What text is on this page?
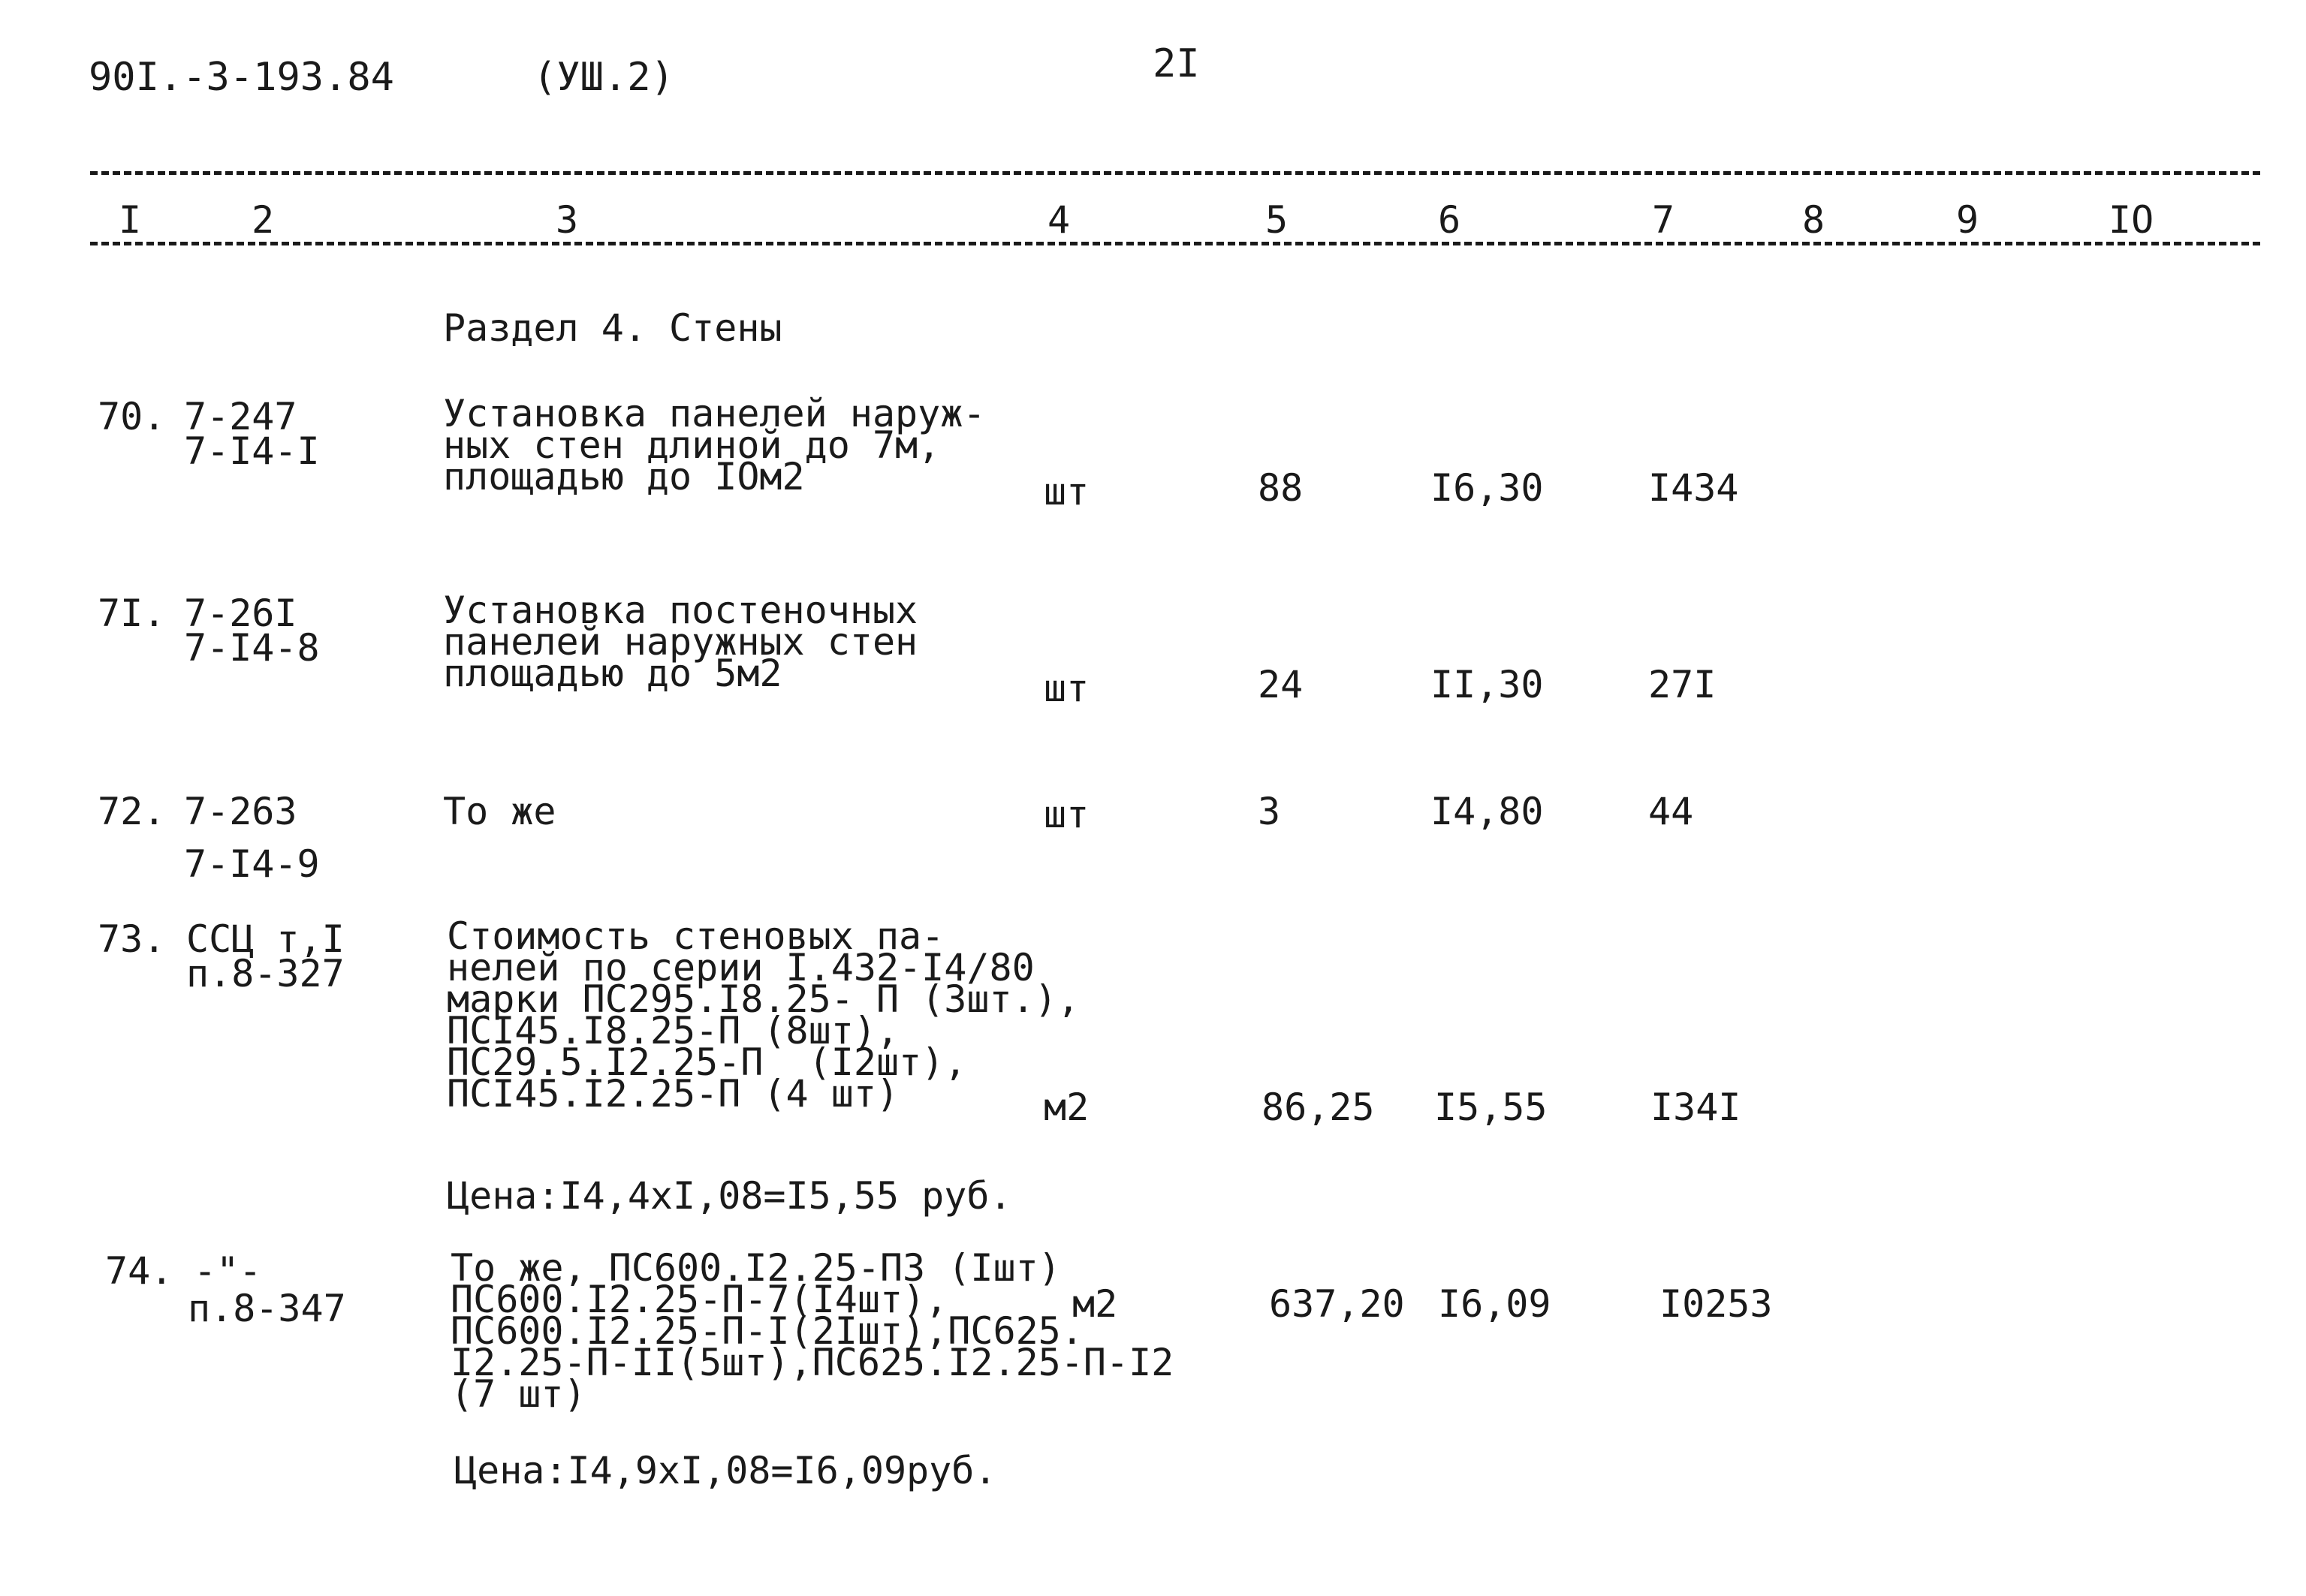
90I.-3-193.84	(УШ.2)	2I
I	2	3	4	5	6	7	8	9	IO
Раздел 4. Стены
70. 7-247
7-I4-I
Установка панелей наруж-
ных стен длиной до 7м,
площадью до IOм2	шт	88	I6,30	I434
7I. 7-26I
7-I4-8
Установка постеночных
панелей наружных стен
площадью до 5м2	шт	24	II,30	27I
72. 7-263
7-I4-9
То же	шт	3	I4,80	44
73. ССЦ т,I
п.8-327
Стоимость стеновых па-
нелей по серии I.432-I4/80
марки ПС295.I8.25- П (3шт.),
ПСI45.I8.25-П (8шт),
ПС29.5.I2.25-П  (I2шт),
ПСI45.I2.25-П (4 шт)	м2	86,25 I5,55	I34I
Цена:I4,4хI,08=I5,55 руб.
74. -"-
п.8-347
То же, ПС600.I2.25-П3 (Iшт)
ПС600.I2.25-П-7(I4шт),
ПС600.I2.25-П-I(2Iшт),ПС625.
I2.25-П-II(5шт),ПС625.I2.25-П-I2
(7 шт)
м2	637,20 I6,09	I0253
Цена:I4,9хI,08=I6,09руб.
